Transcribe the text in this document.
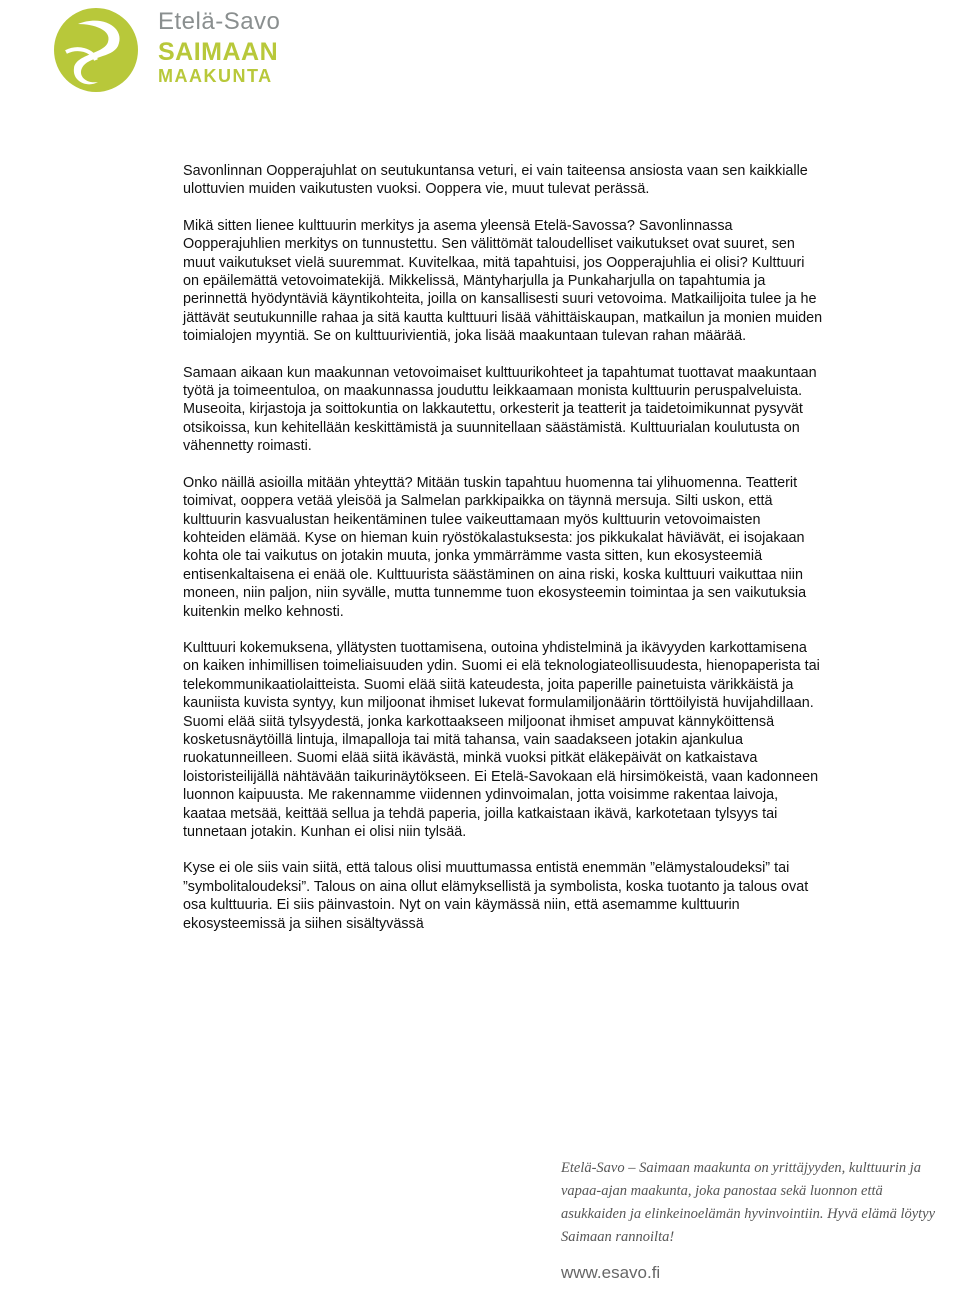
Etelä-Savo
SAIMAAN
MAAKUNTA

Savonlinnan Oopperajuhlat on seutukuntansa veturi, ei vain taiteensa ansiosta vaan sen kaikkialle ulottuvien muiden vaikutusten vuoksi. Ooppera vie, muut tulevat perässä.

Mikä sitten lienee kulttuurin merkitys ja asema yleensä Etelä-Savossa? Savonlinnassa Oopperajuhlien merkitys on tunnustettu. Sen välittömät taloudelliset vaikutukset ovat suuret, sen muut vaikutukset vielä suuremmat. Kuvitelkaa, mitä tapahtuisi, jos Oopperajuhlia ei olisi? Kulttuuri on epäilemättä vetovoimatekijä. Mikkelissä, Mäntyharjulla ja Punkaharjulla on tapahtumia ja perinnettä hyödyntäviä käyntikohteita, joilla on kansallisesti suuri vetovoima. Matkailijoita tulee ja he jättävät seutukunnille rahaa ja sitä kautta kulttuuri lisää vähittäiskaupan, matkailun ja monien muiden toimialojen myyntiä. Se on kulttuurivientiä, joka lisää maakuntaan tulevan rahan määrää.

Samaan aikaan kun maakunnan vetovoimaiset kulttuurikohteet ja tapahtumat tuottavat maakuntaan työtä ja toimeentuloa, on maakunnassa jouduttu leikkaamaan monista kulttuurin peruspalveluista. Museoita, kirjastoja ja soittokuntia on lakkautettu, orkesterit ja teatterit ja taidetoimikunnat pysyvät otsikoissa, kun kehitellään keskittämistä ja suunnitellaan säästämistä. Kulttuurialan koulutusta on vähennetty roimasti.

Onko näillä asioilla mitään yhteyttä? Mitään tuskin tapahtuu huomenna tai ylihuomenna. Teatterit toimivat, ooppera vetää yleisöä ja Salmelan parkkipaikka on täynnä mersuja. Silti uskon, että kulttuurin kasvualustan heikentäminen tulee vaikeuttamaan myös kulttuurin vetovoimaisten kohteiden elämää. Kyse on hieman kuin ryöstökalastuksesta: jos pikkukalat häviävät, ei isojakaan kohta ole tai vaikutus on jotakin muuta, jonka ymmärrämme vasta sitten, kun ekosysteemiä entisenkaltaisena ei enää ole. Kulttuurista säästäminen on aina riski, koska kulttuuri vaikuttaa niin moneen, niin paljon, niin syvälle, mutta tunnemme tuon ekosysteemin toimintaa ja sen vaikutuksia kuitenkin melko kehnosti.

Kulttuuri kokemuksena, yllätysten tuottamisena, outoina yhdistelminä ja ikävyyden karkottamisena on kaiken inhimillisen toimeliaisuuden ydin. Suomi ei elä teknologiateollisuudesta, hienopaperista tai telekommunikaatiolaitteista. Suomi elää siitä kateudesta, joita paperille painetuista värikkäistä ja kauniista kuvista syntyy, kun miljoonat ihmiset lukevat formulamiljonäärin törttöilyistä huvijahdillaan. Suomi elää siitä tylsyydestä, jonka karkottaakseen miljoonat ihmiset ampuvat kännyköittensä kosketusnäytöillä lintuja, ilmapalloja tai mitä tahansa, vain saadakseen jotakin ajankulua ruokatunneilleen. Suomi elää siitä ikävästä, minkä vuoksi pitkät eläkepäivät on katkaistava loistoristeilijällä nähtävään taikurinäytökseen. Ei Etelä-Savokaan elä hirsimökeistä, vaan kadonneen luonnon kaipuusta. Me rakennamme viidennen ydinvoimalan, jotta voisimme rakentaa laivoja, kaataa metsää, keittää sellua ja tehdä paperia, joilla katkaistaan ikävä, karkotetaan tylsyys tai tunnetaan jotakin. Kunhan ei olisi niin tylsää.

Kyse ei ole siis vain siitä, että talous olisi muuttumassa entistä enemmän ”elämystaloudeksi” tai ”symbolitaloudeksi”. Talous on aina ollut elämyksellistä ja symbolista, koska tuotanto ja talous ovat osa kulttuuria. Ei siis päinvastoin. Nyt on vain käymässä niin, että asemamme kulttuurin ekosysteemissä ja siihen sisältyvässä

Etelä-Savo – Saimaan maakunta on yrittäjyyden, kulttuurin ja vapaa-ajan maakunta, joka panostaa sekä luonnon että asukkaiden ja elinkeinoelämän hyvinvointiin. Hyvä elämä löytyy Saimaan rannoilta!

www.esavo.fi
